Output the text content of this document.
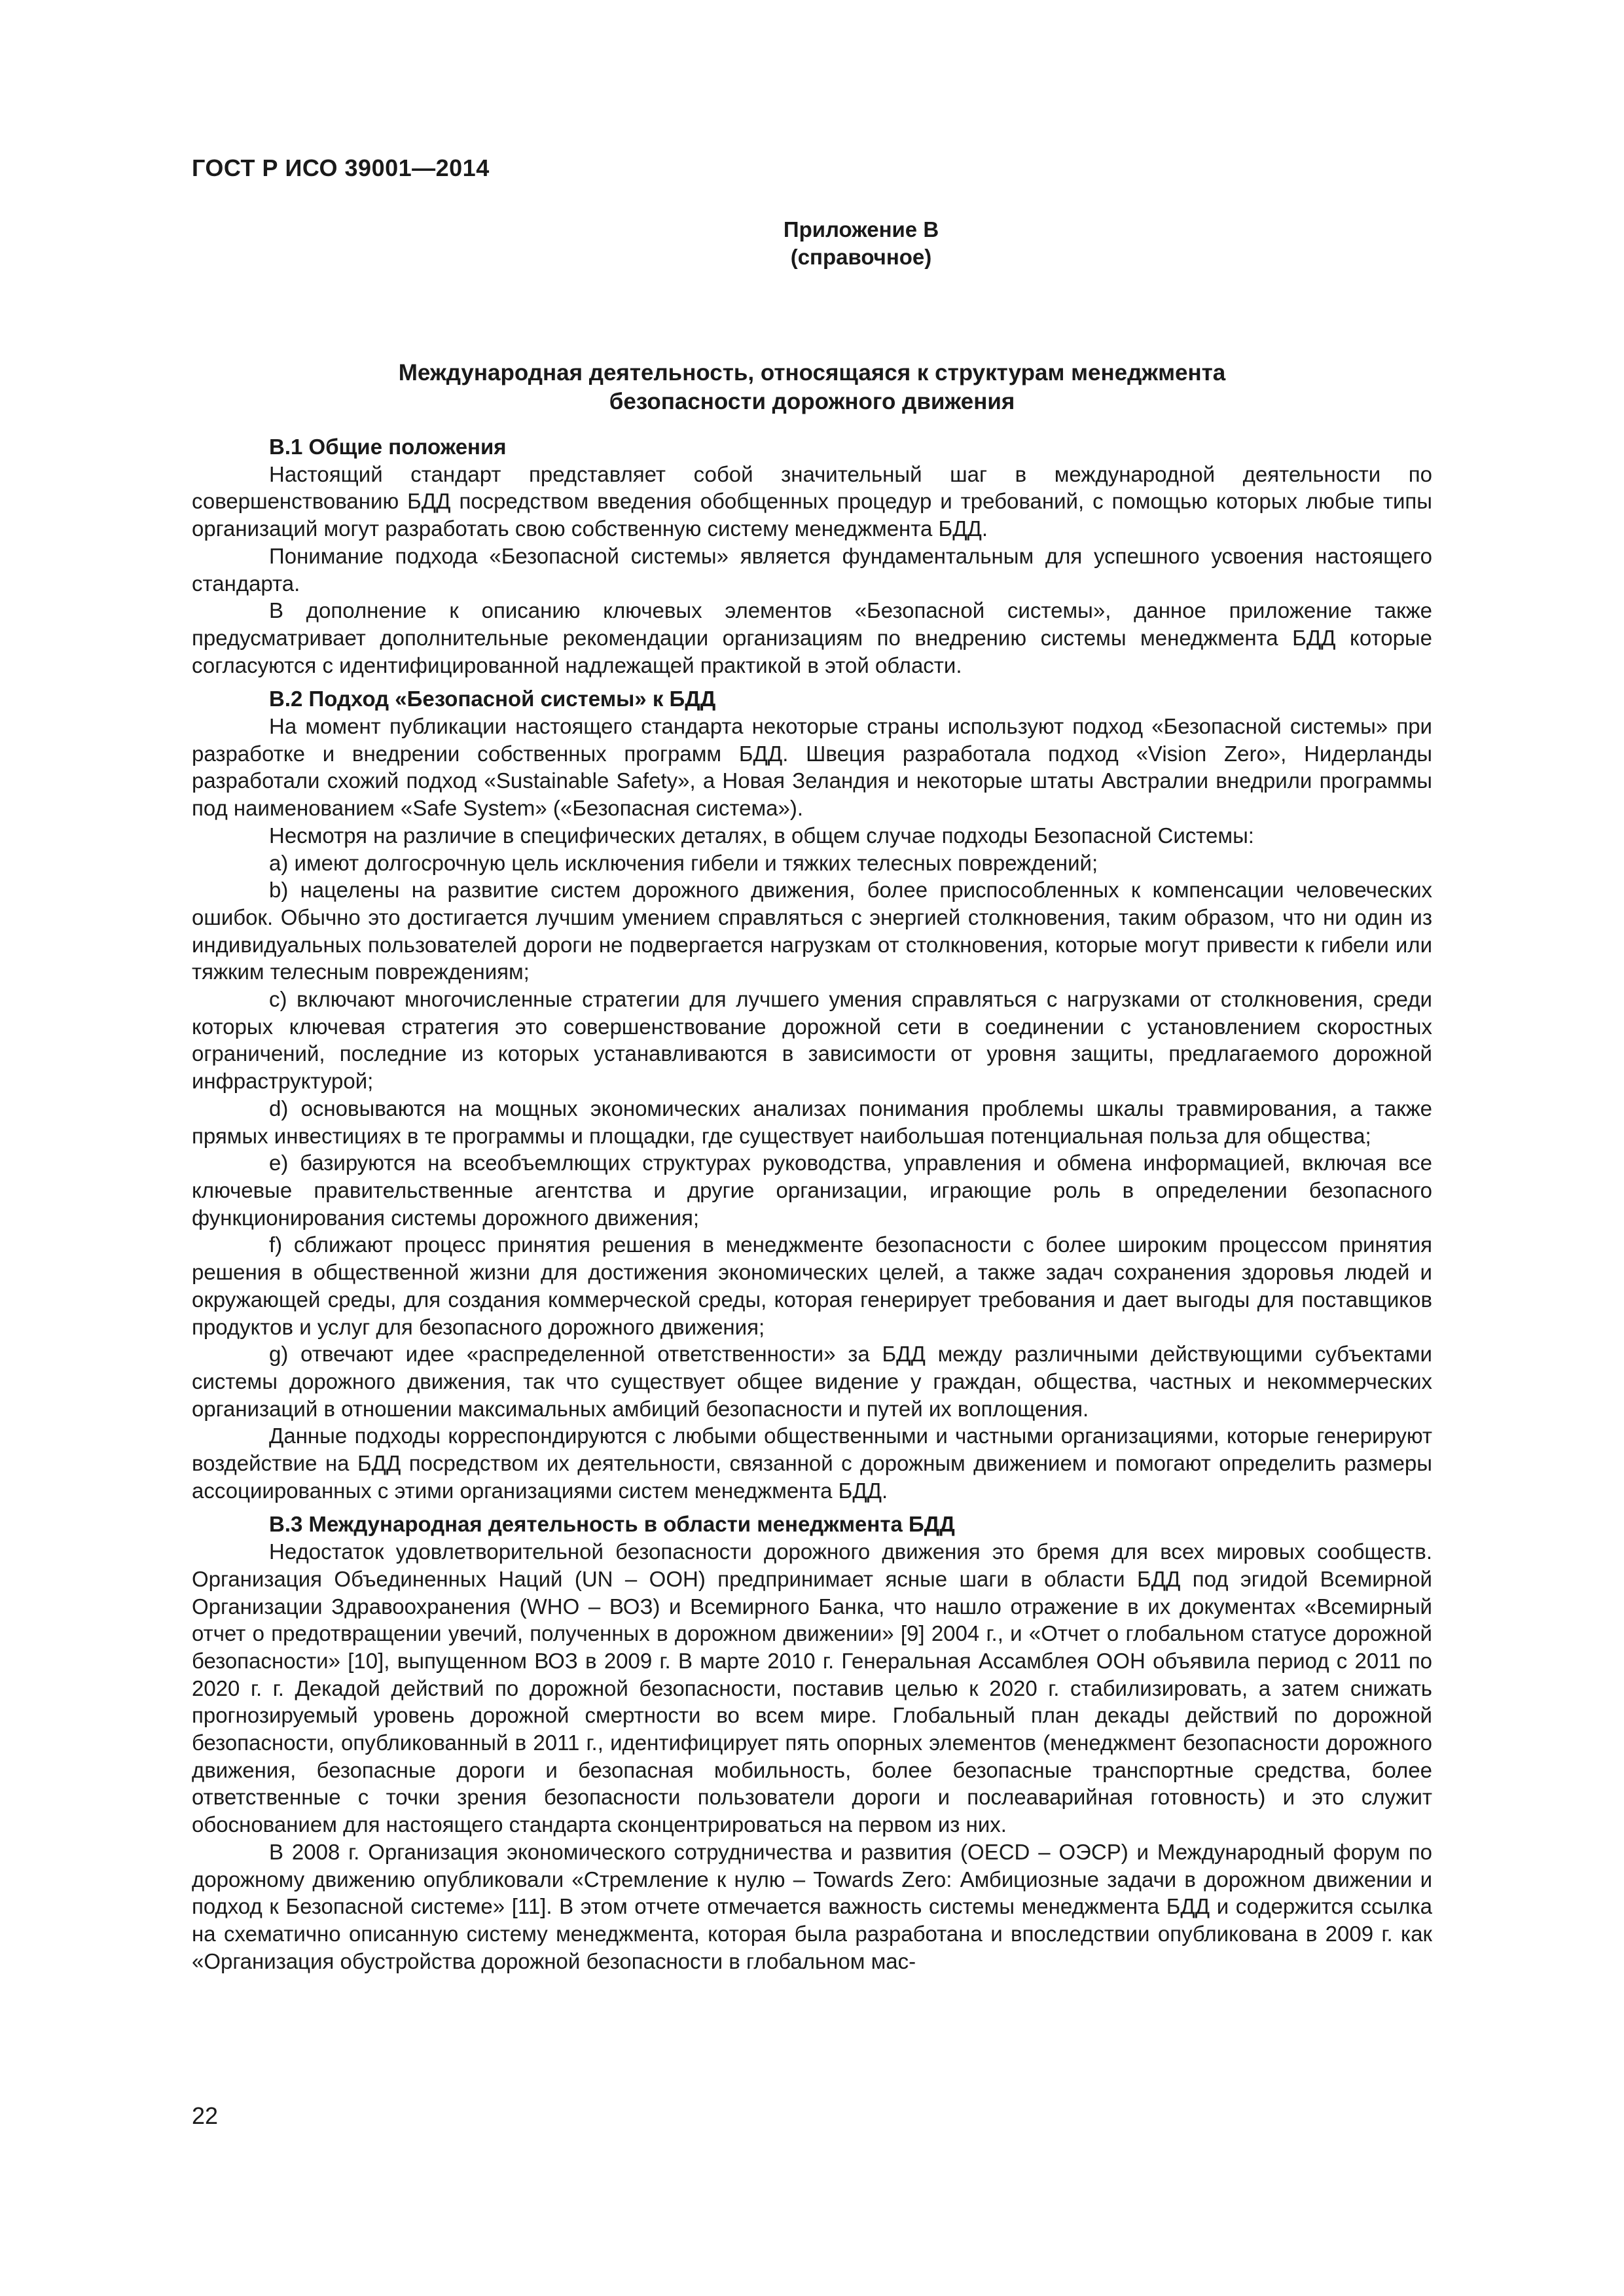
ГОСТ Р ИСО 39001—2014
Приложение В
(справочное)
Международная деятельность, относящаяся к структурам менеджмента
безопасности дорожного движения
В.1 Общие положения

Настоящий стандарт представляет собой значительный шаг в международной деятельности по совершенствованию БДД посредством введения обобщенных процедур и требований, с помощью которых любые типы организаций могут разработать свою собственную систему менеджмента БДД.

Понимание подхода «Безопасной системы» является фундаментальным для успешного усвоения настоящего стандарта.

В дополнение к описанию ключевых элементов «Безопасной системы», данное приложение также предусматривает дополнительные рекомендации организациям по внедрению системы менеджмента БДД которые согласуются с идентифицированной надлежащей практикой в этой области.

В.2 Подход «Безопасной системы» к БДД

На момент публикации настоящего стандарта некоторые страны используют подход «Безопасной системы» при разработке и внедрении собственных программ БДД. Швеция разработала подход «Vision Zero», Нидерланды разработали схожий подход «Sustainable Safety», а Новая Зеландия и некоторые штаты Австралии внедрили программы под наименованием «Safe System» («Безопасная система»).

Несмотря на различие в специфических деталях, в общем случае подходы Безопасной Системы:

а) имеют долгосрочную цель исключения гибели и тяжких телесных повреждений;

b) нацелены на развитие систем дорожного движения, более приспособленных к компенсации человеческих ошибок. Обычно это достигается лучшим умением справляться с энергией столкновения, таким образом, что ни один из индивидуальных пользователей дороги не подвергается нагрузкам от столкновения, которые могут привести к гибели или тяжким телесным повреждениям;

c) включают многочисленные стратегии для лучшего умения справляться с нагрузками от столкновения, среди которых ключевая стратегия это совершенствование дорожной сети в соединении с установлением скоростных ограничений, последние из которых устанавливаются в зависимости от уровня защиты, предлагаемого дорожной инфраструктурой;

d) основываются на мощных экономических анализах понимания проблемы шкалы травмирования, а также прямых инвестициях в те программы и площадки, где существует наибольшая потенциальная польза для общества;

e) базируются на всеобъемлющих структурах руководства, управления и обмена информацией, включая все ключевые правительственные агентства и другие организации, играющие роль в определении безопасного функционирования системы дорожного движения;

f) сближают процесс принятия решения в менеджменте безопасности с более широким процессом принятия решения в общественной жизни для достижения экономических целей, а также задач сохранения здоровья людей и окружающей среды, для создания коммерческой среды, которая генерирует требования и дает выгоды для поставщиков продуктов и услуг для безопасного дорожного движения;

g) отвечают идее «распределенной ответственности» за БДД между различными действующими субъектами системы дорожного движения, так что существует общее видение у граждан, общества, частных и некоммерческих организаций в отношении максимальных амбиций безопасности и путей их воплощения.

Данные подходы корреспондируются с любыми общественными и частными организациями, которые генерируют воздействие на БДД посредством их деятельности, связанной с дорожным движением и помогают определить размеры ассоциированных с этими организациями систем менеджмента БДД.

В.3 Международная деятельность в области менеджмента БДД

Недостаток удовлетворительной безопасности дорожного движения это бремя для всех мировых сообществ. Организация Объединенных Наций (UN – ООН) предпринимает ясные шаги в области БДД под эгидой Всемирной Организации Здравоохранения (WHO – ВОЗ) и Всемирного Банка, что нашло отражение в их документах «Всемирный отчет о предотвращении увечий, полученных в дорожном движении» [9] 2004 г., и «Отчет о глобальном статусе дорожной безопасности» [10], выпущенном ВОЗ в 2009 г. В марте 2010 г. Генеральная Ассамблея ООН объявила период с 2011 по 2020 г. г. Декадой действий по дорожной безопасности, поставив целью к 2020 г. стабилизировать, а затем снижать прогнозируемый уровень дорожной смертности во всем мире. Глобальный план декады действий по дорожной безопасности, опубликованный в 2011 г., идентифицирует пять опорных элементов (менеджмент безопасности дорожного движения, безопасные дороги и безопасная мобильность, более безопасные транспортные средства, более ответственные с точки зрения безопасности пользователи дороги и послеаварийная готовность) и это служит обоснованием для настоящего стандарта сконцентрироваться на первом из них.

В 2008 г. Организация экономического сотрудничества и развития (OECD – ОЭСР) и Международный форум по дорожному движению опубликовали «Стремление к нулю – Towards Zero: Амбициозные задачи в дорожном движении и подход к Безопасной системе» [11]. В этом отчете отмечается важность системы менеджмента БДД и содержится ссылка на схематично описанную систему менеджмента, которая была разработана и впоследствии опубликована в 2009 г. как «Организация обустройства дорожной безопасности в глобальном мас-

22
